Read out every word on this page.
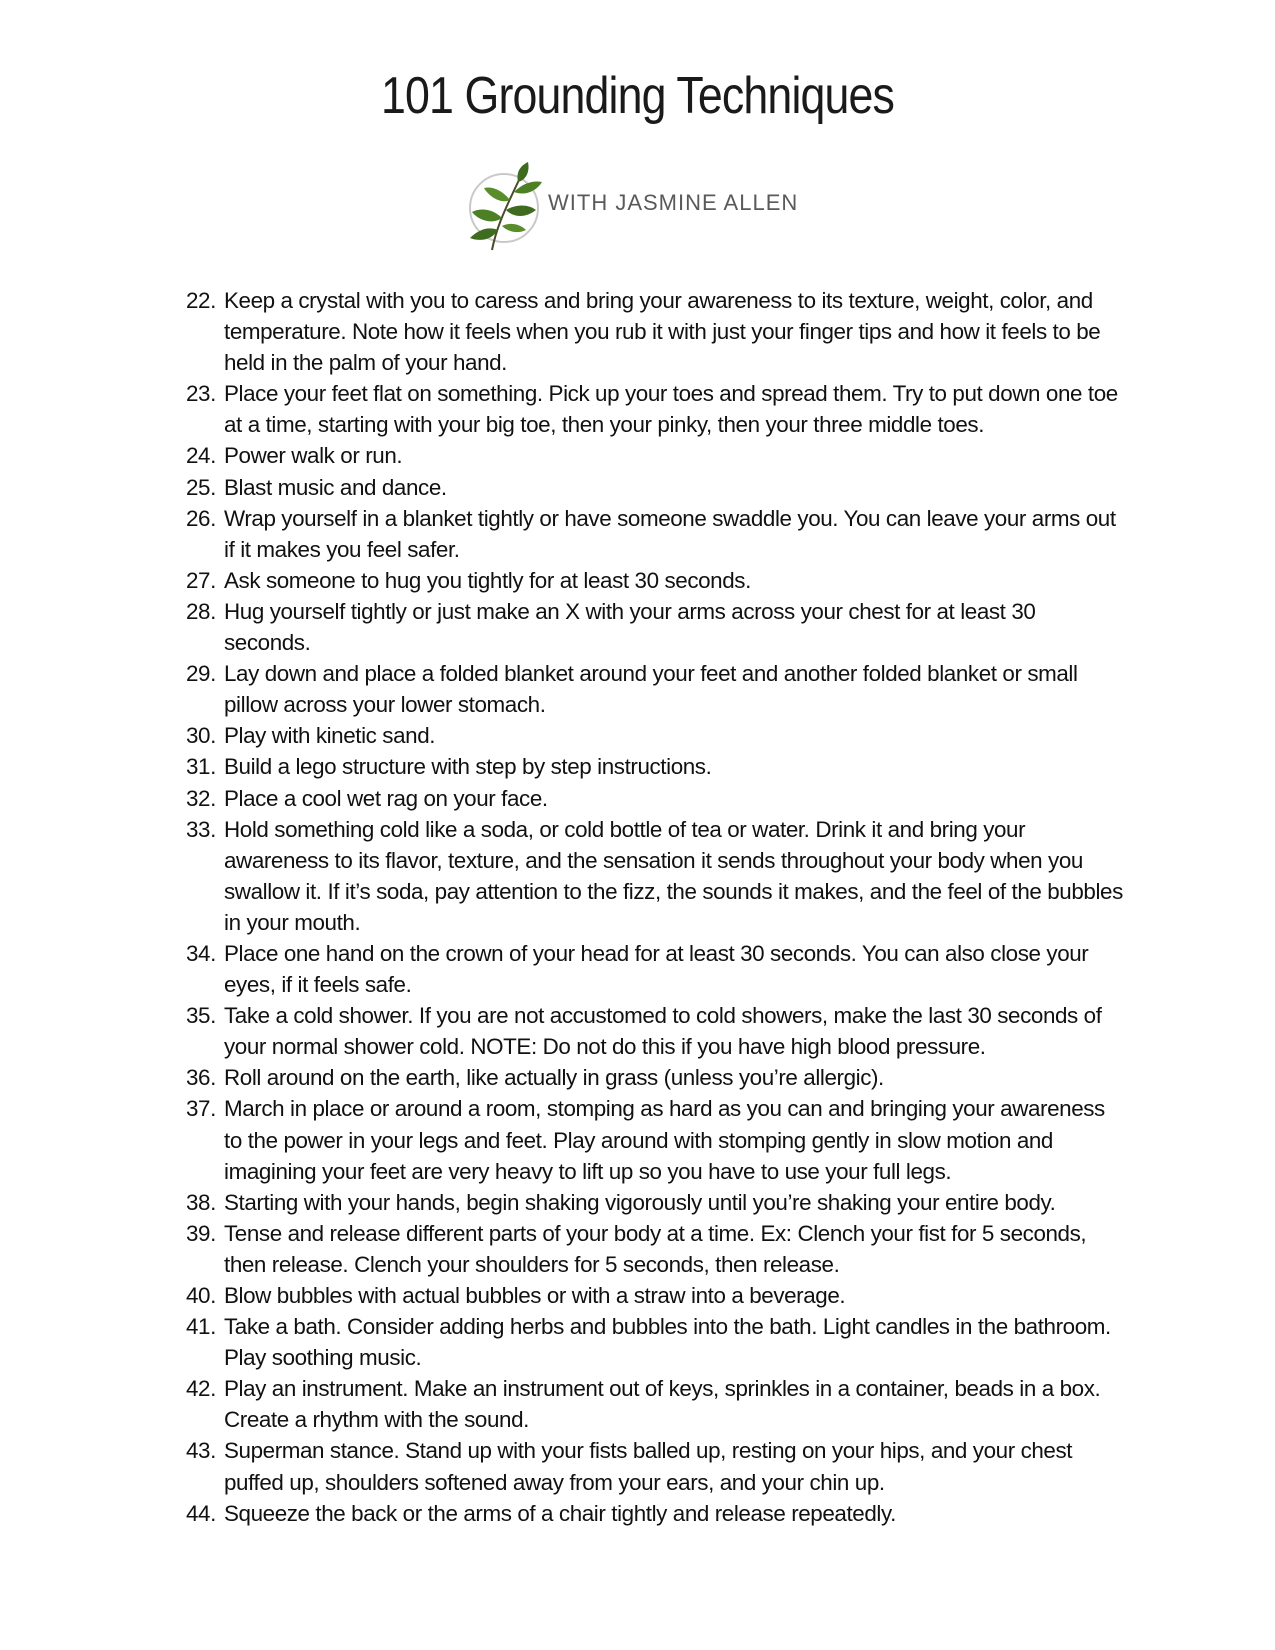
101 Grounding Techniques
WITH JASMINE ALLEN
22. Keep a crystal with you to caress and bring your awareness to its texture, weight, color, and temperature. Note how it feels when you rub it with just your finger tips and how it feels to be held in the palm of your hand.
23. Place your feet flat on something. Pick up your toes and spread them. Try to put down one toe at a time, starting with your big toe, then your pinky, then your three middle toes.
24. Power walk or run.
25. Blast music and dance.
26. Wrap yourself in a blanket tightly or have someone swaddle you. You can leave your arms out if it makes you feel safer.
27. Ask someone to hug you tightly for at least 30 seconds.
28. Hug yourself tightly or just make an X with your arms across your chest for at least 30 seconds.
29. Lay down and place a folded blanket around your feet and another folded blanket or small pillow across your lower stomach.
30. Play with kinetic sand.
31. Build a lego structure with step by step instructions.
32. Place a cool wet rag on your face.
33. Hold something cold like a soda, or cold bottle of tea or water. Drink it and bring your awareness to its flavor, texture, and the sensation it sends throughout your body when you swallow it. If it’s soda, pay attention to the fizz, the sounds it makes, and the feel of the bubbles in your mouth.
34. Place one hand on the crown of your head for at least 30 seconds. You can also close your eyes, if it feels safe.
35. Take a cold shower. If you are not accustomed to cold showers, make the last 30 seconds of your normal shower cold. NOTE: Do not do this if you have high blood pressure.
36. Roll around on the earth, like actually in grass (unless you’re allergic).
37. March in place or around a room, stomping as hard as you can and bringing your awareness to the power in your legs and feet. Play around with stomping gently in slow motion and imagining your feet are very heavy to lift up so you have to use your full legs.
38. Starting with your hands, begin shaking vigorously until you’re shaking your entire body.
39. Tense and release different parts of your body at a time. Ex: Clench your fist for 5 seconds, then release. Clench your shoulders for 5 seconds, then release.
40. Blow bubbles with actual bubbles or with a straw into a beverage.
41. Take a bath. Consider adding herbs and bubbles into the bath. Light candles in the bathroom. Play soothing music.
42. Play an instrument. Make an instrument out of keys, sprinkles in a container, beads in a box. Create a rhythm with the sound.
43. Superman stance. Stand up with your fists balled up, resting on your hips, and your chest puffed up, shoulders softened away from your ears, and your chin up.
44. Squeeze the back or the arms of a chair tightly and release repeatedly.
